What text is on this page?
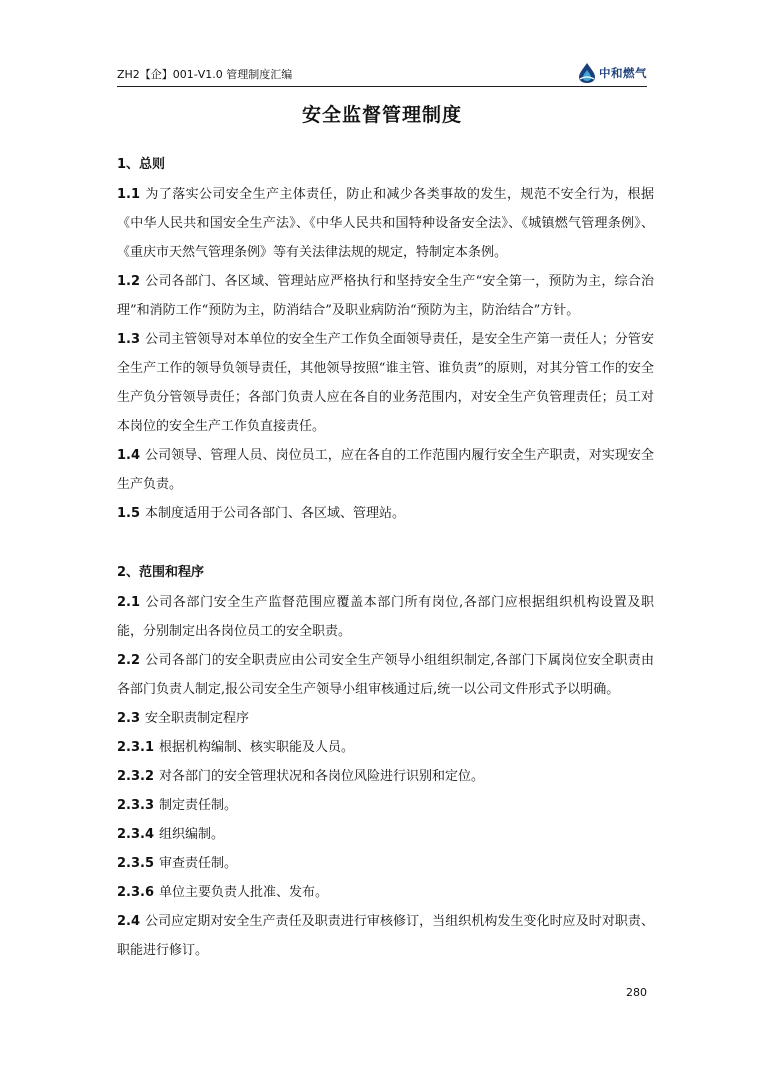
ZH2【企】001-V1.0 管理制度汇编	中和燃气
安全监督管理制度
1、总则

1.1 为了落实公司安全生产主体责任，防止和减少各类事故的发生，规范不安全行为，根据《中华人民共和国安全生产法》、《中华人民共和国特种设备安全法》、《城镇燃气管理条例》、《重庆市天然气管理条例》等有关法律法规的规定，特制定本条例。

1.2 公司各部门、各区域、管理站应严格执行和坚持安全生产“安全第一，预防为主，综合治理”和消防工作“预防为主，防消结合”及职业病防治“预防为主，防治结合”方针。

1.3 公司主管领导对本单位的安全生产工作负全面领导责任，是安全生产第一责任人；分管安全生产工作的领导负领导责任，其他领导按照“谁主管、谁负责”的原则，对其分管工作的安全生产负分管领导责任；各部门负责人应在各自的业务范围内，对安全生产负管理责任；员工对本岗位的安全生产工作负直接责任。

1.4 公司领导、管理人员、岗位员工，应在各自的工作范围内履行安全生产职责，对实现安全生产负责。

1.5 本制度适用于公司各部门、各区域、管理站。

2、范围和程序

2.1 公司各部门安全生产监督范围应覆盖本部门所有岗位,各部门应根据组织机构设置及职能，分别制定出各岗位员工的安全职责。

2.2 公司各部门的安全职责应由公司安全生产领导小组组织制定,各部门下属岗位安全职责由各部门负责人制定,报公司安全生产领导小组审核通过后,统一以公司文件形式予以明确。

2.3 安全职责制定程序

2.3.1 根据机构编制、核实职能及人员。

2.3.2 对各部门的安全管理状况和各岗位风险进行识别和定位。

2.3.3 制定责任制。

2.3.4 组织编制。

2.3.5 审查责任制。

2.3.6 单位主要负责人批准、发布。

2.4 公司应定期对安全生产责任及职责进行审核修订，当组织机构发生变化时应及时对职责、职能进行修订。

280
